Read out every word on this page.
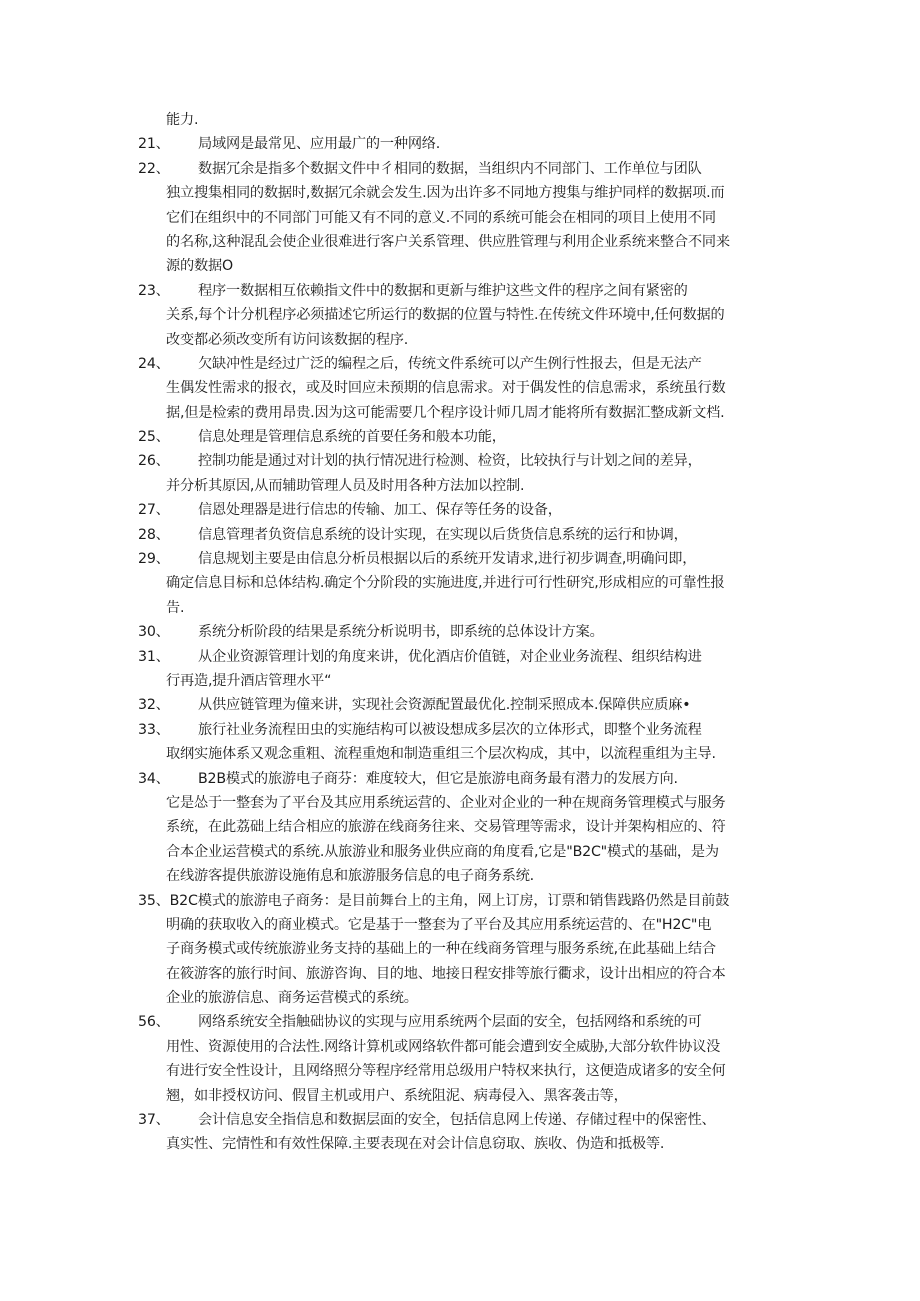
能力.
21、 局域网是最常见、应用最广的一种网络.
22、 数据冗余是指多个数据文件中彳相同的数据，当组织内不同部门、工作单位与团队
独立搜集相同的数据时,数据冗余就会发生.因为出许多不同地方搜集与维护同样的数据项.而
它们在组织中的不同部门可能又有不同的意义.不同的系统可能会在相同的项目上使用不同
的名称,这种混乱会使企业很难进行客户关系管理、供应胜管理与利用企业系统来整合不同来
源的数据O
23、 程序一数据相互依赖指文件中的数据和更新与维护这些文件的程序之间有紧密的
关系,每个计分机程序必须描述它所运行的数据的位置与特性.在传统文件环境中,任何数据的
改变都必须改变所有访问该数据的程序.
24、 欠缺冲性是经过广泛的编程之后，传统文件系统可以产生例行性报去，但是无法产
生偶发性需求的报衣，或及时回应未预期的信息需求。对于偶发性的信息需求，系统虽行数
据,但是检索的费用昂贵.因为这可能需要几个程序设计师几周才能将所有数据汇整成新文档.
25、 信息处理是管理信息系统的首要任务和般本功能，
26、 控制功能是通过对计划的执行情况进行检测、检资，比较执行与计划之间的差异，
并分析其原因,从而辅助管理人员及时用各种方法加以控制.
27、 信恩处理器是进行信忠的传输、加工、保存等任务的设备，
28、 信息管理者负资信息系统的设计实现，在实现以后货货信息系统的运行和协调，
29、 信息规划主要是由信息分析员根据以后的系统开发请求,进行初步调查,明确问即，
确定信息目标和总体结构.确定个分阶段的实施进度,并进行可行性研究,形成相应的可靠性报
告.
30、 系统分析阶段的结果是系统分析说明书，即系统的总体设计方案。
31、 从企业资源管理计划的角度来讲，优化酒店价值链，对企业业务流程、组织结构进
行再造,提升酒店管理水平“
32、 从供应链管理为僮来讲，实现社会资源配置最优化.控制采照成本.保障供应质麻•
33、 旅行社业务流程田虫的实施结构可以被设想成多层次的立体形式，即整个业务流程
取纲实施体系又观念重粗、流程重炮和制造重组三个层次构成，其中，以流程重组为主导.
34、 B2B模式的旅游电子商芬：难度较大，但它是旅游电商务最有潜力的发展方向.
它是怂于一整套为了平台及其应用系统运营的、企业对企业的一种在规商务管理模式与服务
系统，在此荔础上结合相应的旅游在线商务往来、交易管理等需求，设计并架构相应的、符
合本企业运营模式的系统.从旅游业和服务业供应商的角度看,它是"B2C"模式的基础，是为
在线游客提供旅游设施侑息和旅游服务信息的电子商务系统.
35、B2C模式的旅游电子商务：是目前舞台上的主角，网上订房，订票和销售践路仍然是目前鼓
明确的获取收入的商业模式。它是基于一整套为了平台及其应用系统运营的、在"H2C"电
子商务模式或传统旅游业务支持的基础上的一种在线商务管理与服务系统,在此基础上结合
在筱游客的旅行时间、旅游咨询、目的地、地接日程安排等旅行衢求，设计出相应的符合本
企业的旅游信息、商务运营模式的系统。
56、 网络系统安全指触础协议的实现与应用系统两个层面的安全，包括网络和系统的可
用性、资源使用的合法性.网络计算机或网络软件都可能会遭到安全威胁,大部分软件协议没
有进行安全性设计，且网络照分等程序经常用总级用户特权来执行，这便造成诸多的安全何
翘，如非授权访问、假冒主机或用户、系统阻泥、病毒侵入、黑客袭击等，
37、 会计信息安全指信息和数据层面的安全，包括信息网上传递、存储过程中的保密性、
真实性、完情性和有效性保障.主要表现在对会计信息窃取、族收、伪造和抵极等.
